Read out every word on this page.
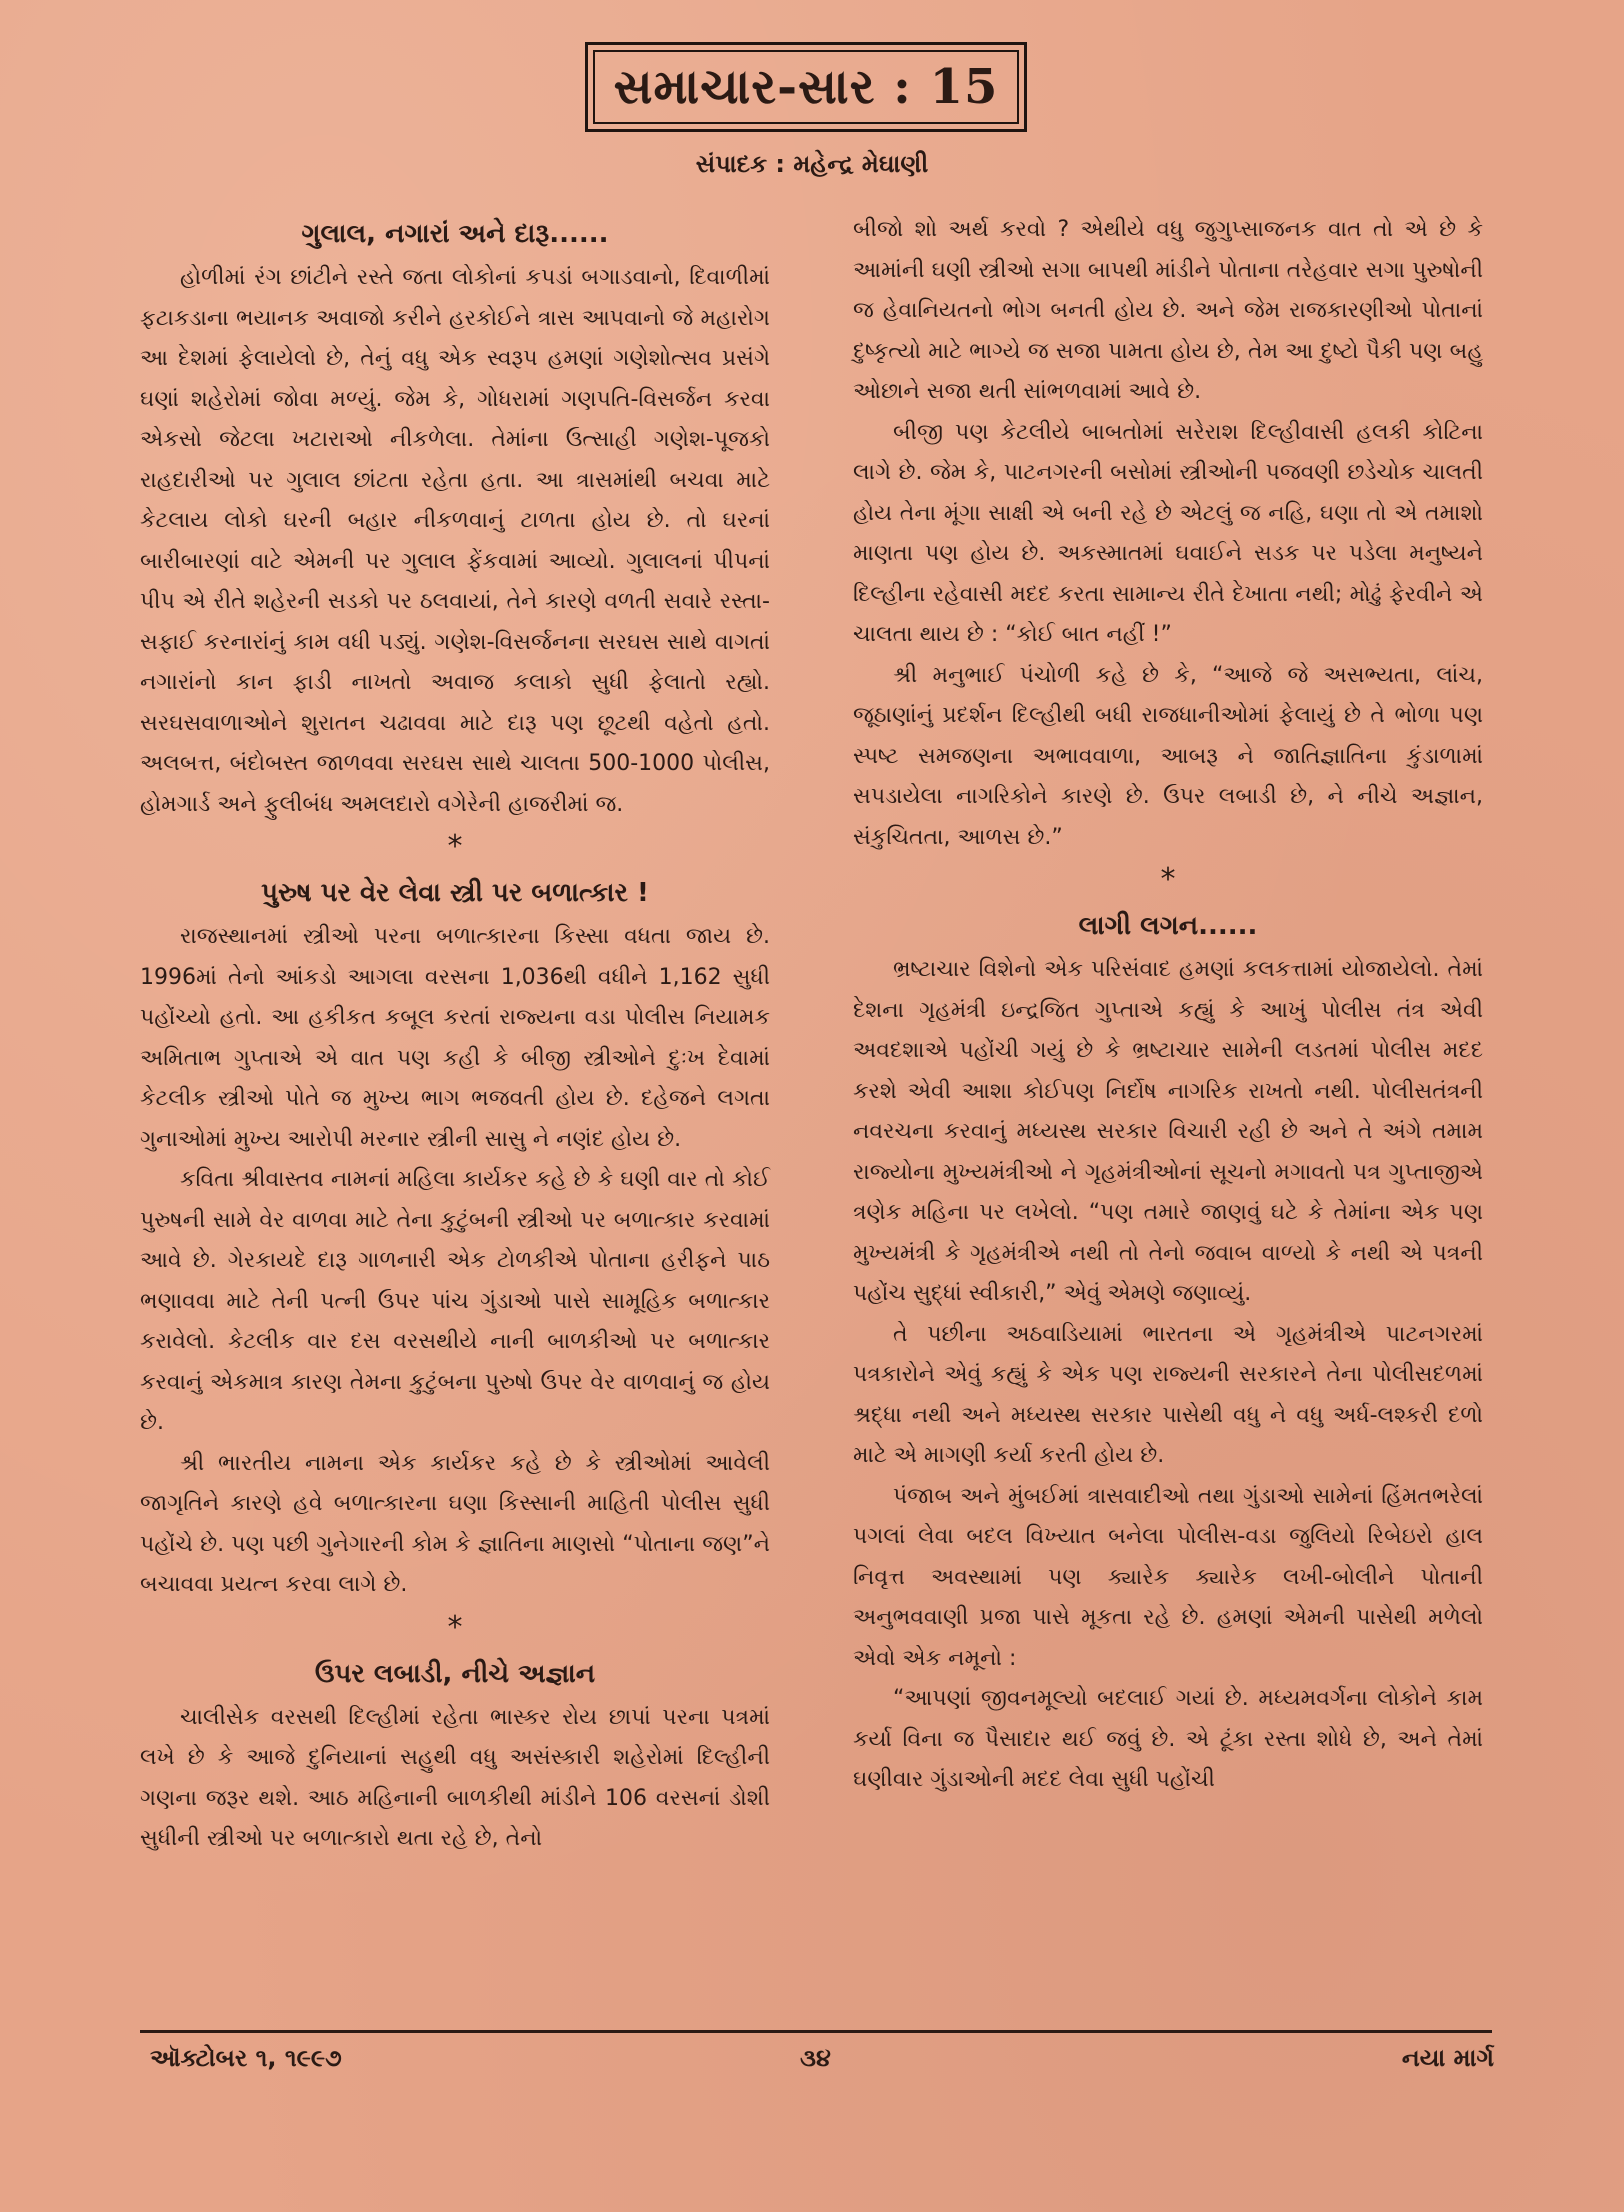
સમાચાર-સાર : 15
સંપાદક : મહેન્દ્ર મેઘાણી
ગુલાલ, નગારાં અને દારૂ......

હોળીમાં રંગ છાંટીને રસ્તે જતા લોકોનાં કપડાં બગાડવાનો, દિવાળીમાં ફટાકડાના ભયાનક અવાજો કરીને હરકોઈને ત્રાસ આપવાનો જે મહારોગ આ દેશમાં ફેલાયેલો છે, તેનું વધુ એક સ્વરૂપ હમણાં ગણેશોત્સવ પ્રસંગે ઘણાં શહેરોમાં જોવા મળ્યું. જેમ કે, ગોધરામાં ગણપતિ-વિસર્જન કરવા એકસો જેટલા ખટારાઓ નીકળેલા. તેમાંના ઉત્સાહી ગણેશ-પૂજકો રાહદારીઓ પર ગુલાલ છાંટતા રહેતા હતા. આ ત્રાસમાંથી બચવા માટે કેટલાય લોકો ઘરની બહાર નીકળવાનું ટાળતા હોય છે. તો ઘરનાં બારીબારણાં વાટે એમની પર ગુલાલ ફેંકવામાં આવ્યો. ગુલાલનાં પીપનાં પીપ એ રીતે શહેરની સડકો પર ઠલવાયાં, તેને કારણે વળતી સવારે રસ્તા-સફાઈ કરનારાંનું કામ વધી પડ્યું. ગણેશ-વિસર્જનના સરઘસ સાથે વાગતાં નગારાંનો કાન ફાડી નાખતો અવાજ કલાકો સુધી ફેલાતો રહ્યો. સરઘસવાળાઓને શુરાતન ચઢાવવા માટે દારૂ પણ છૂટથી વહેતો હતો. અલબત્ત, બંદોબસ્ત જાળવવા સરઘસ સાથે ચાલતા 500-1000 પોલીસ, હોમગાર્ડ અને ફુલીબંધ અમલદારો વગેરેની હાજરીમાં જ.

*
પુરુષ પર વેર લેવા સ્ત્રી પર બળાત્કાર !

રાજસ્થાનમાં સ્ત્રીઓ પરના બળાત્કારના કિસ્સા વધતા જાય છે. 1996માં તેનો આંકડો આગલા વરસના 1,036થી વધીને 1,162 સુધી પહોંચ્યો હતો. આ હકીકત કબૂલ કરતાં રાજ્યના વડા પોલીસ નિયામક અમિતાભ ગુપ્તાએ એ વાત પણ કહી કે બીજી સ્ત્રીઓને દુઃખ દેવામાં કેટલીક સ્ત્રીઓ પોતે જ મુખ્ય ભાગ ભજવતી હોય છે. દહેજને લગતા ગુનાઓમાં મુખ્ય આરોપી મરનાર સ્ત્રીની સાસુ ને નણંદ હોય છે.

કવિતા શ્રીવાસ્તવ નામનાં મહિલા કાર્યકર કહે છે કે ઘણી વાર તો કોઈ પુરુષની સામે વેર વાળવા માટે તેના કુટુંબની સ્ત્રીઓ પર બળાત્કાર કરવામાં આવે છે. ગેરકાયદે દારૂ ગાળનારી એક ટોળકીએ પોતાના હરીફને પાઠ ભણાવવા માટે તેની પત્ની ઉપર પાંચ ગુંડાઓ પાસે સામૂહિક બળાત્કાર કરાવેલો. કેટલીક વાર દસ વરસથીયે નાની બાળકીઓ પર બળાત્કાર કરવાનું એકમાત્ર કારણ તેમના કુટુંબના પુરુષો ઉપર વેર વાળવાનું જ હોય છે.

શ્રી ભારતીય નામના એક કાર્યકર કહે છે કે સ્ત્રીઓમાં આવેલી જાગૃતિને કારણે હવે બળાત્કારના ઘણા કિસ્સાની માહિતી પોલીસ સુધી પહોંચે છે. પણ પછી ગુનેગારની કોમ કે જ્ઞાતિના માણસો “પોતાના જણ”ને બચાવવા પ્રયત્ન કરવા લાગે છે.

*
ઉપર લબાડી, નીચે અજ્ઞાન

ચાલીસેક વરસથી દિલ્હીમાં રહેતા ભાસ્કર રોય છાપાં પરના પત્રમાં લખે છે કે આજે દુનિયાનાં સહુથી વધુ અસંસ્કારી શહેરોમાં દિલ્હીની ગણના જરૂર થશે. આઠ મહિનાની બાળકીથી માંડીને 106 વરસનાં ડોશી સુધીની સ્ત્રીઓ પર બળાત્કારો થતા રહે છે, તેનો

બીજો શો અર્થ કરવો ? એથીયે વધુ જુગુપ્સાજનક વાત તો એ છે કે આમાંની ઘણી સ્ત્રીઓ સગા બાપથી માંડીને પોતાના તરેહવાર સગા પુરુષોની જ હેવાનિયતનો ભોગ બનતી હોય છે. અને જેમ રાજકારણીઓ પોતાનાં દુષ્કૃત્યો માટે ભાગ્યે જ સજા પામતા હોય છે, તેમ આ દુષ્ટો પૈકી પણ બહુ ઓછાને સજા થતી સાંભળવામાં આવે છે.

બીજી પણ કેટલીયે બાબતોમાં સરેરાશ દિલ્હીવાસી હલકી કોટિના લાગે છે. જેમ કે, પાટનગરની બસોમાં સ્ત્રીઓની પજવણી છડેચોક ચાલતી હોય તેના મૂંગા સાક્ષી એ બની રહે છે એટલું જ નહિ, ઘણા તો એ તમાશો માણતા પણ હોય છે. અકસ્માતમાં ઘવાઈને સડક પર પડેલા મનુષ્યને દિલ્હીના રહેવાસી મદદ કરતા સામાન્ય રીતે દેખાતા નથી; મોઢું ફેરવીને એ ચાલતા થાય છે : “કોઈ બાત નહીં !”

શ્રી મનુભાઈ પંચોળી કહે છે કે, “આજે જે અસભ્યતા, લાંચ, જૂઠાણાંનું પ્રદર્શન દિલ્હીથી બધી રાજધાનીઓમાં ફેલાયું છે તે ભોળા પણ સ્પષ્ટ સમજણના અભાવવાળા, આબરૂ ને જાતિજ્ઞાતિના કુંડાળામાં સપડાયેલા નાગરિકોને કારણે છે. ઉપર લબાડી છે, ને નીચે અજ્ઞાન, સંકુચિતતા, આળસ છે.”

*
લાગી લગન......

ભ્રષ્ટાચાર વિશેનો એક પરિસંવાદ હમણાં કલકત્તામાં યોજાયેલો. તેમાં દેશના ગૃહમંત્રી ઇન્દ્રજિત ગુપ્તાએ કહ્યું કે આખું પોલીસ તંત્ર એવી અવદશાએ પહોંચી ગયું છે કે ભ્રષ્ટાચાર સામેની લડતમાં પોલીસ મદદ કરશે એવી આશા કોઈપણ નિર્દોષ નાગરિક રાખતો નથી. પોલીસતંત્રની નવરચના કરવાનું મધ્યસ્થ સરકાર વિચારી રહી છે અને તે અંગે તમામ રાજ્યોના મુખ્યમંત્રીઓ ને ગૃહમંત્રીઓનાં સૂચનો મગાવતો પત્ર ગુપ્તાજીએ ત્રણેક મહિના પર લખેલો. “પણ તમારે જાણવું ઘટે કે તેમાંના એક પણ મુખ્યમંત્રી કે ગૃહમંત્રીએ નથી તો તેનો જવાબ વાળ્યો કે નથી એ પત્રની પહોંચ સુદ્ધાં સ્વીકારી,” એવું એમણે જણાવ્યું.

તે પછીના અઠવાડિયામાં ભારતના એ ગૃહમંત્રીએ પાટનગરમાં પત્રકારોને એવું કહ્યું કે એક પણ રાજ્યની સરકારને તેના પોલીસદળમાં શ્રદ્ધા નથી અને મધ્યસ્થ સરકાર પાસેથી વધુ ને વધુ અર્ધ-લશ્કરી દળો માટે એ માગણી કર્યા કરતી હોય છે.

પંજાબ અને મુંબઈમાં ત્રાસવાદીઓ તથા ગુંડાઓ સામેનાં હિંમતભરેલાં પગલાં લેવા બદલ વિખ્યાત બનેલા પોલીસ-વડા જુલિયો રિબેઇરો હાલ નિવૃત્ત અવસ્થામાં પણ ક્યારેક ક્યારેક લખી-બોલીને પોતાની અનુભવવાણી પ્રજા પાસે મૂકતા રહે છે. હમણાં એમની પાસેથી મળેલો એવો એક નમૂનો :

“આપણાં જીવનમૂલ્યો બદલાઈ ગયાં છે. મધ્યમવર્ગના લોકોને કામ કર્યા વિના જ પૈસાદાર થઈ જવું છે. એ ટૂંકા રસ્તા શોધે છે, અને તેમાં ઘણીવાર ગુંડાઓની મદદ લેવા સુધી પહોંચી

ઑક્ટોબર ૧, ૧૯૯૭	૩૪	નયા માર્ગ
